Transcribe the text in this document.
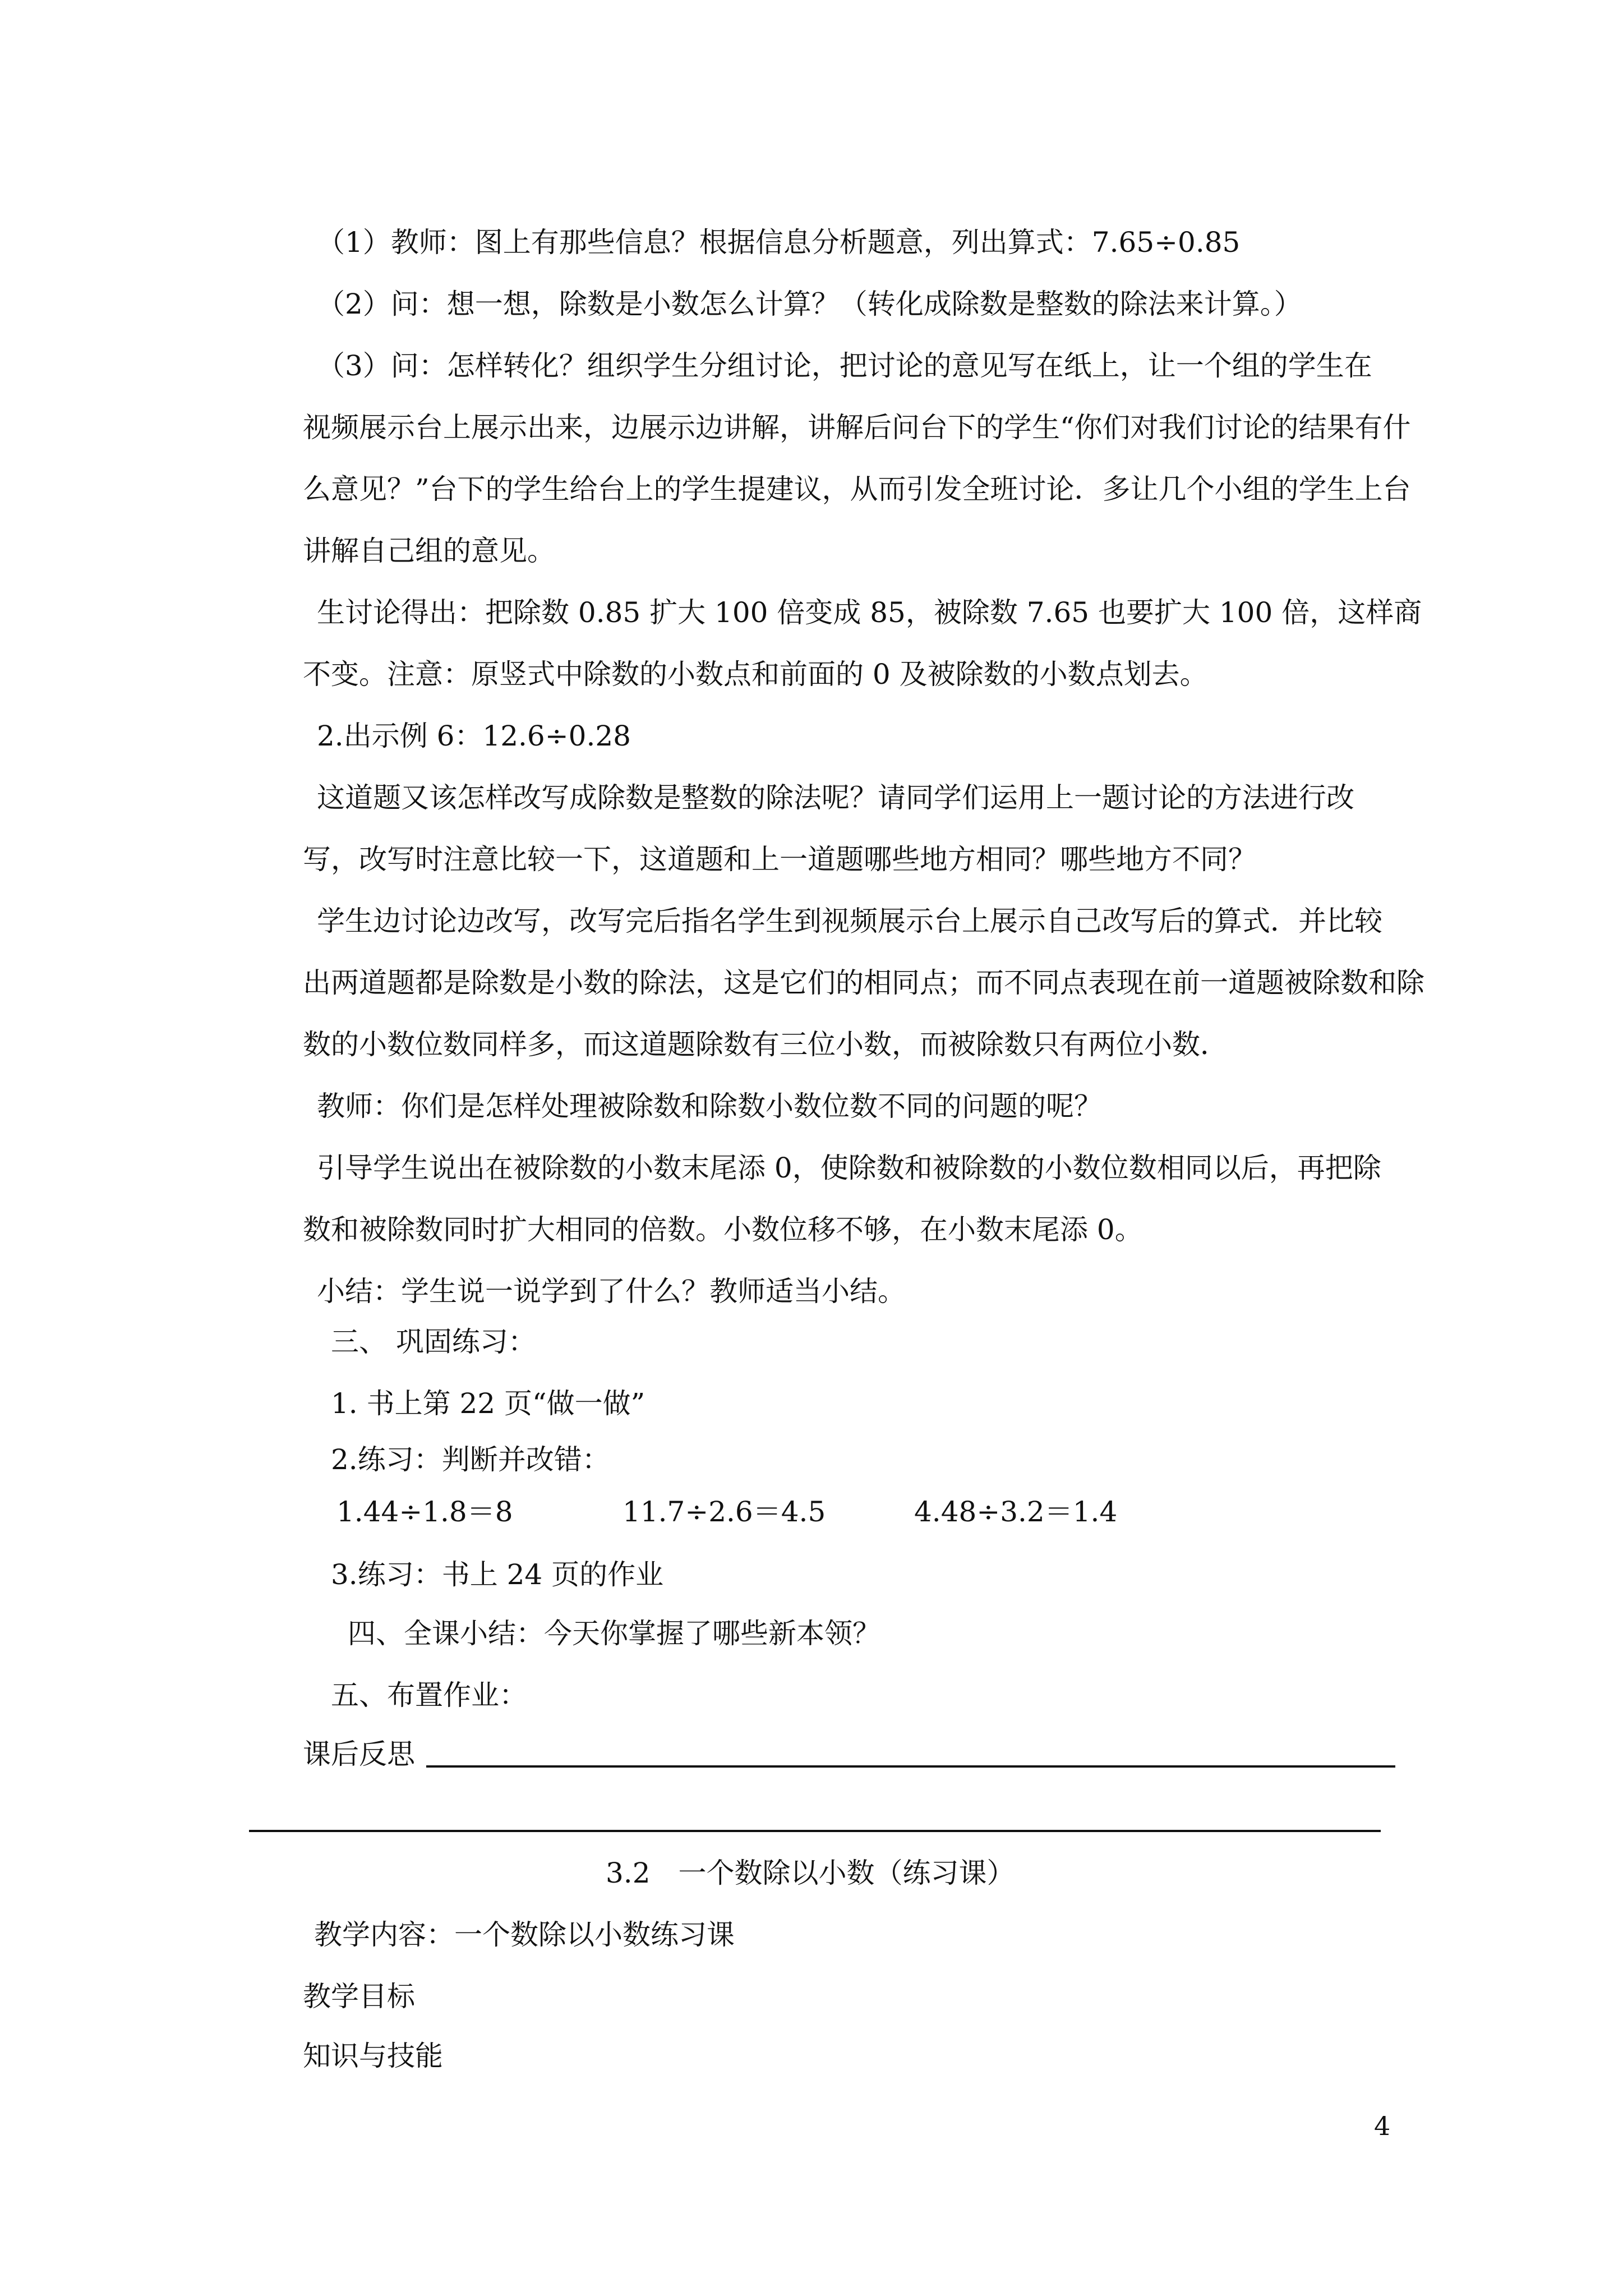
（1）教师：图上有那些信息？根据信息分析题意，列出算式：7.65÷0.85
（2）问：想一想，除数是小数怎么计算？（转化成除数是整数的除法来计算。）
（3）问：怎样转化？组织学生分组讨论，把讨论的意见写在纸上，让一个组的学生在
视频展示台上展示出来，边展示边讲解，讲解后问台下的学生“你们对我们讨论的结果有什
么意见？”台下的学生给台上的学生提建议，从而引发全班讨论．多让几个小组的学生上台
讲解自己组的意见。
生讨论得出：把除数 0.85 扩大 100 倍变成 85，被除数 7.65 也要扩大 100 倍，这样商
不变。注意：原竖式中除数的小数点和前面的 0 及被除数的小数点划去。
2.出示例 6：12.6÷0.28
这道题又该怎样改写成除数是整数的除法呢？请同学们运用上一题讨论的方法进行改
写，改写时注意比较一下，这道题和上一道题哪些地方相同？哪些地方不同？
学生边讨论边改写，改写完后指名学生到视频展示台上展示自己改写后的算式．并比较
出两道题都是除数是小数的除法，这是它们的相同点；而不同点表现在前一道题被除数和除
数的小数位数同样多，而这道题除数有三位小数，而被除数只有两位小数．
教师：你们是怎样处理被除数和除数小数位数不同的问题的呢？
引导学生说出在被除数的小数末尾添 0，使除数和被除数的小数位数相同以后，再把除
数和被除数同时扩大相同的倍数。小数位移不够，在小数末尾添 0。
小结：学生说一说学到了什么？教师适当小结。
三、 巩固练习：
1. 书上第 22 页“做一做”
2.练习：判断并改错：
1.44÷1.8＝8	11.7÷2.6＝4.5	4.48÷3.2＝1.4
3.练习：书上 24 页的作业
四、全课小结：今天你掌握了哪些新本领？
五、布置作业：
课后反思
3.2　一个数除以小数（练习课）
教学内容：一个数除以小数练习课
教学目标
知识与技能
4
